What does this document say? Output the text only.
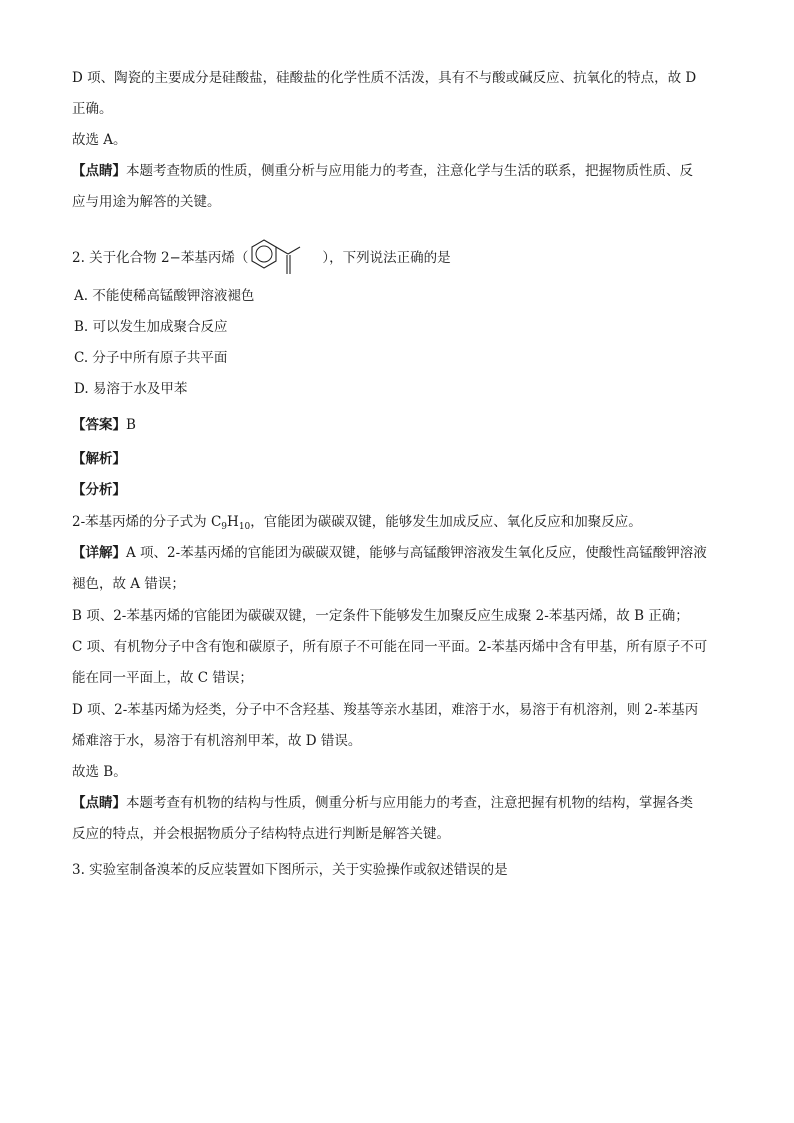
D 项、陶瓷的主要成分是硅酸盐，硅酸盐的化学性质不活泼，具有不与酸或碱反应、抗氧化的特点，故 D
正确。
故选 A。
【点睛】本题考查物质的性质，侧重分析与应用能力的考查，注意化学与生活的联系，把握物质性质、反
应与用途为解答的关键。
2. 关于化合物 2−苯基丙烯（	），下列说法正确的是
A. 不能使稀高锰酸钾溶液褪色
B. 可以发生加成聚合反应
C. 分子中所有原子共平面
D. 易溶于水及甲苯
【答案】B
【解析】
【分析】
2-苯基丙烯的分子式为 $C_9H_{10}$，官能团为碳碳双键，能够发生加成反应、氧化反应和加聚反应。
【详解】A 项、2-苯基丙烯的官能团为碳碳双键，能够与高锰酸钾溶液发生氧化反应，使酸性高锰酸钾溶液
褪色，故 A 错误；
B 项、2-苯基丙烯的官能团为碳碳双键，一定条件下能够发生加聚反应生成聚 2-苯基丙烯，故 B 正确；
C 项、有机物分子中含有饱和碳原子，所有原子不可能在同一平面。2-苯基丙烯中含有甲基，所有原子不可
能在同一平面上，故 C 错误；
D 项、2-苯基丙烯为烃类，分子中不含羟基、羧基等亲水基团，难溶于水，易溶于有机溶剂，则 2-苯基丙
烯难溶于水，易溶于有机溶剂甲苯，故 D 错误。
故选 B。
【点睛】本题考查有机物的结构与性质，侧重分析与应用能力的考查，注意把握有机物的结构，掌握各类
反应的特点，并会根据物质分子结构特点进行判断是解答关键。
3. 实验室制备溴苯的反应装置如下图所示，关于实验操作或叙述错误的是
